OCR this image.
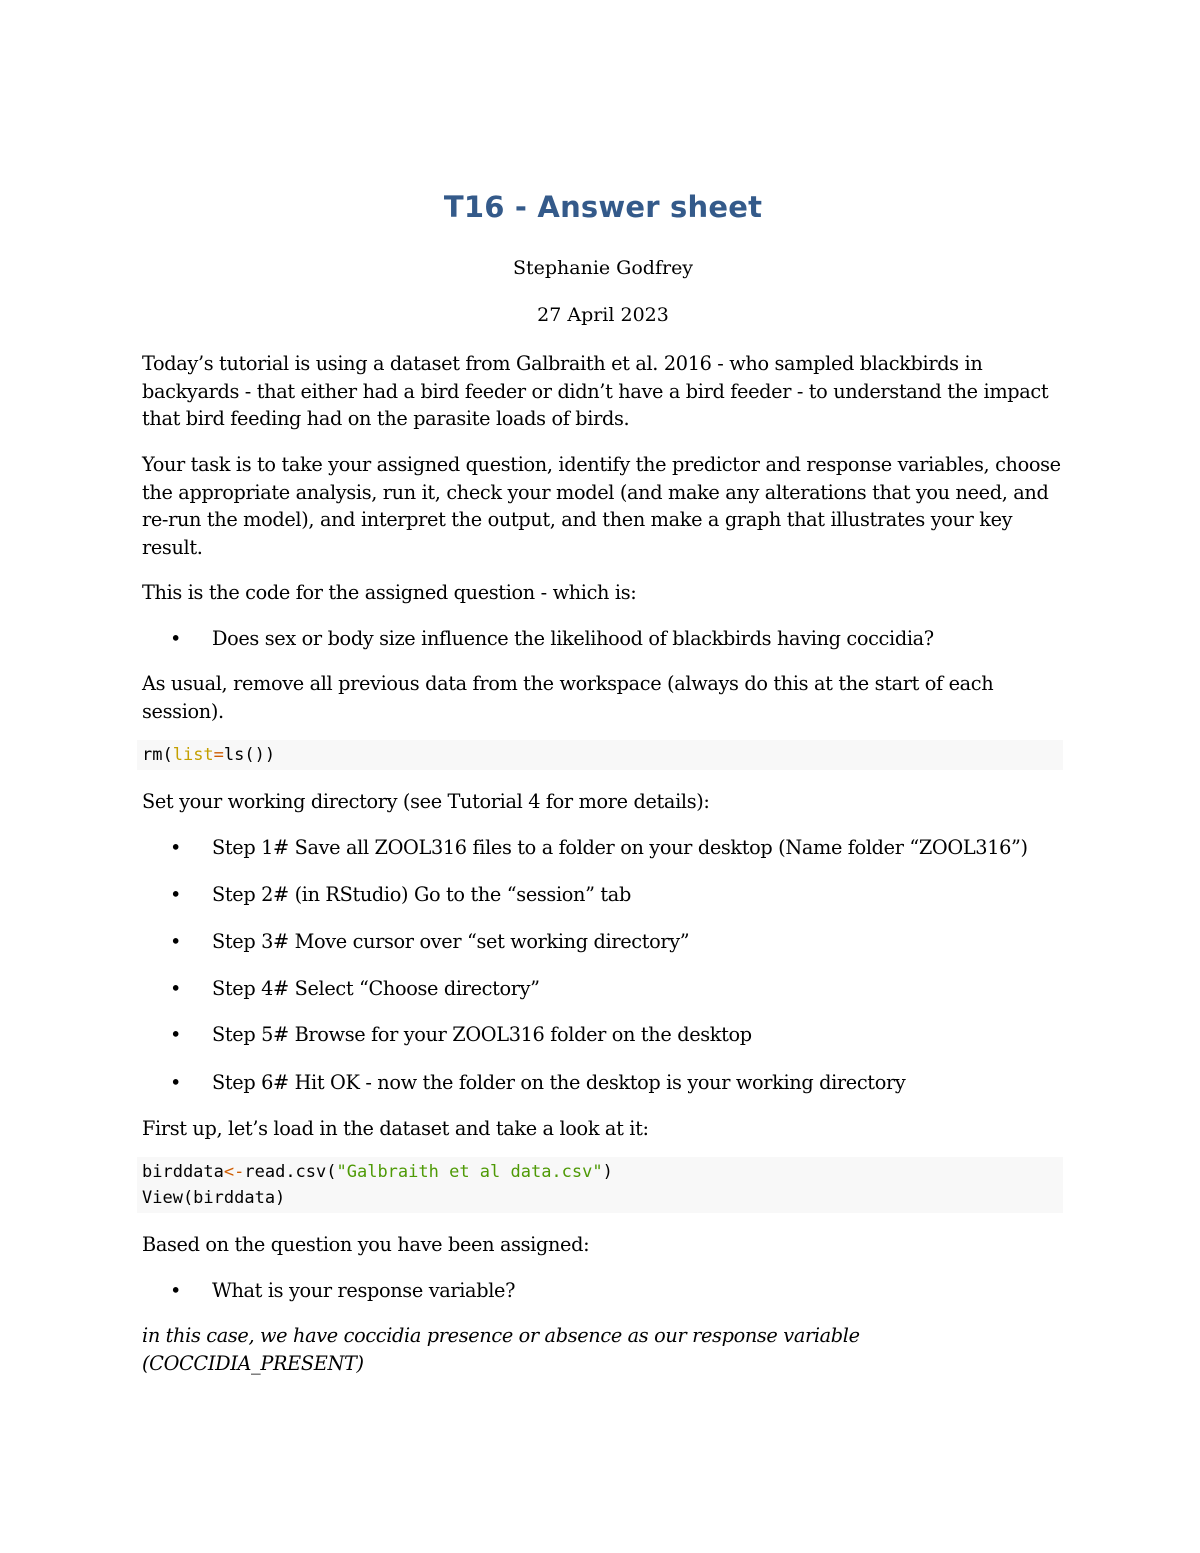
T16 - Answer sheet
Stephanie Godfrey
27 April 2023
Today’s tutorial is using a dataset from Galbraith et al. 2016 - who sampled blackbirds in backyards - that either had a bird feeder or didn’t have a bird feeder - to understand the impact that bird feeding had on the parasite loads of birds.
Your task is to take your assigned question, identify the predictor and response variables, choose the appropriate analysis, run it, check your model (and make any alterations that you need, and re-run the model), and interpret the output, and then make a graph that illustrates your key result.
This is the code for the assigned question - which is:
• Does sex or body size influence the likelihood of blackbirds having coccidia?
As usual, remove all previous data from the workspace (always do this at the start of each session).
rm(list=ls())
Set your working directory (see Tutorial 4 for more details):
• Step 1# Save all ZOOL316 files to a folder on your desktop (Name folder “ZOOL316”)
• Step 2# (in RStudio) Go to the “session” tab
• Step 3# Move cursor over “set working directory”
• Step 4# Select “Choose directory”
• Step 5# Browse for your ZOOL316 folder on the desktop
• Step 6# Hit OK - now the folder on the desktop is your working directory
First up, let’s load in the dataset and take a look at it:
birddata<-read.csv("Galbraith et al data.csv")
View(birddata)
Based on the question you have been assigned:
• What is your response variable?
in this case, we have coccidia presence or absence as our response variable (COCCIDIA_PRESENT)
